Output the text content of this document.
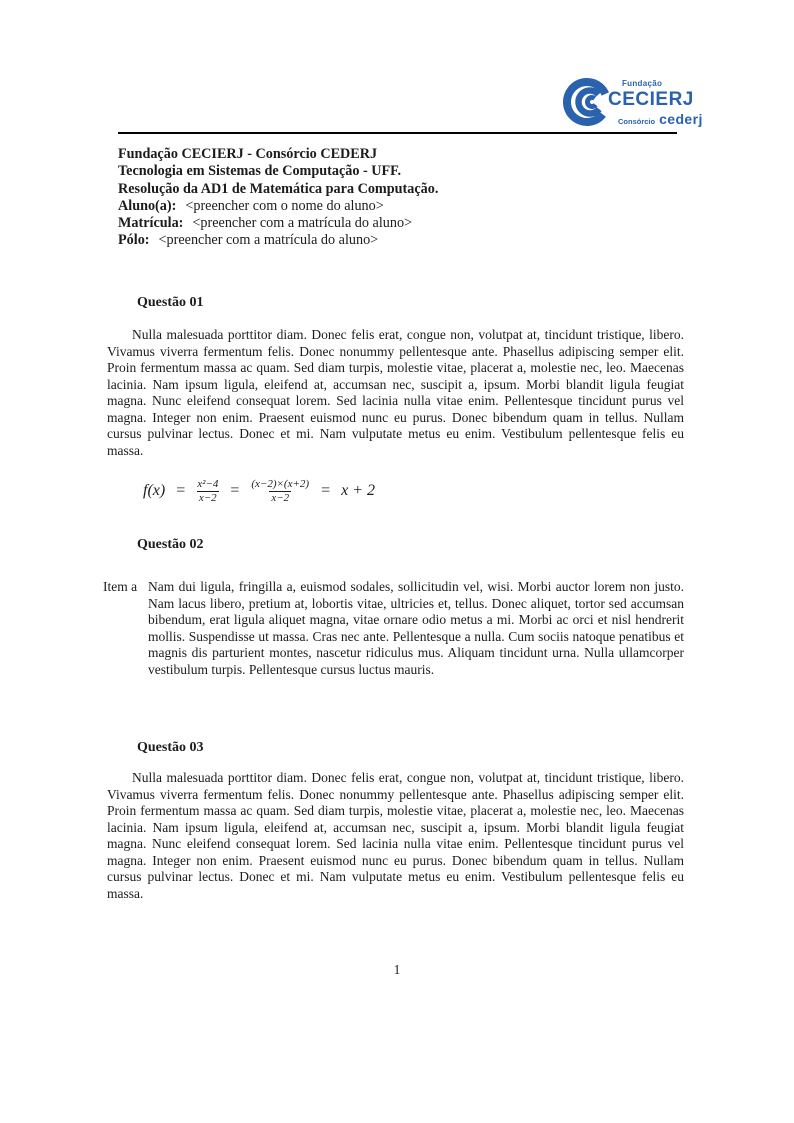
Fundação
CECIERJ
Consórcio cederj
Fundação CECIERJ - Consórcio CEDERJ
Tecnologia em Sistemas de Computação - UFF.
Resolução da AD1 de Matemática para Computação.
Aluno(a): <preencher com o nome do aluno>
Matrícula: <preencher com a matrícula do aluno>
Pólo: <preencher com a matrícula do aluno>
Questão 01

Nulla malesuada porttitor diam. Donec felis erat, congue non, volutpat at, tincidunt tristique, libero. Vivamus viverra fermentum felis. Donec nonummy pellentesque ante. Phasellus adipiscing semper elit. Proin fermentum massa ac quam. Sed diam turpis, molestie vitae, placerat a, molestie nec, leo. Maecenas lacinia. Nam ipsum ligula, eleifend at, accumsan nec, suscipit a, ipsum. Morbi blandit ligula feugiat magna. Nunc eleifend consequat lorem. Sed lacinia nulla vitae enim. Pellentesque tincidunt purus vel magna. Integer non enim. Praesent euismod nunc eu purus. Donec bibendum quam in tellus. Nullam cursus pulvinar lectus. Donec et mi. Nam vulputate metus eu enim. Vestibulum pellentesque felis eu massa.

$f(x) = \frac{\text{x²−4}}{x-2} = \frac{(x-2)\times(x+2)}{x-2} = x + 2$
Questão 02
Item a Nam dui ligula, fringilla a, euismod sodales, sollicitudin vel, wisi. Morbi auctor lorem non justo. Nam lacus libero, pretium at, lobortis vitae, ultricies et, tellus. Donec aliquet, tortor sed accumsan bibendum, erat ligula aliquet magna, vitae ornare odio metus a mi. Morbi ac orci et nisl hendrerit mollis. Suspendisse ut massa. Cras nec ante. Pellentesque a nulla. Cum sociis natoque penatibus et magnis dis parturient montes, nascetur ridiculus mus. Aliquam tincidunt urna. Nulla ullamcorper vestibulum turpis. Pellentesque cursus luctus mauris.
Questão 03

Nulla malesuada porttitor diam. Donec felis erat, congue non, volutpat at, tincidunt tristique, libero. Vivamus viverra fermentum felis. Donec nonummy pellentesque ante. Phasellus adipiscing semper elit. Proin fermentum massa ac quam. Sed diam turpis, molestie vitae, placerat a, molestie nec, leo. Maecenas lacinia. Nam ipsum ligula, eleifend at, accumsan nec, suscipit a, ipsum. Morbi blandit ligula feugiat magna. Nunc eleifend consequat lorem. Sed lacinia nulla vitae enim. Pellentesque tincidunt purus vel magna. Integer non enim. Praesent euismod nunc eu purus. Donec bibendum quam in tellus. Nullam cursus pulvinar lectus. Donec et mi. Nam vulputate metus eu enim. Vestibulum pellentesque felis eu massa.

1
